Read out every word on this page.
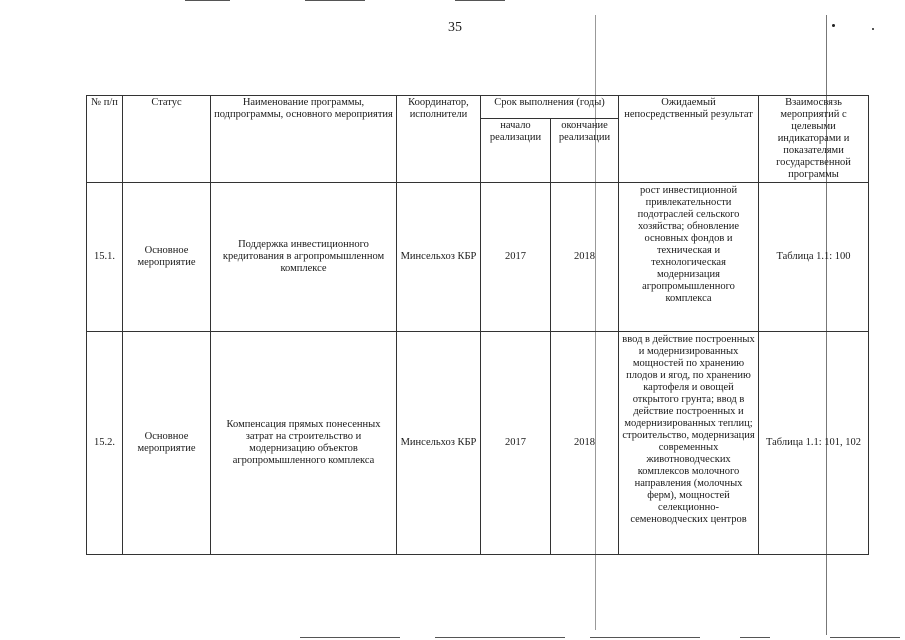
35
№ п/п	Статус	Наименование программы, подпрограммы, основного мероприятия	Координатор, исполнители	Срок выполнения (годы)		Ожидаемый непосредственный результат	Взаимосвязь мероприятий с целевыми индикаторами и показателями государственной программы
				начало реализации	окончание реализации		
15.1.	Основное мероприятие	Поддержка инвестиционного кредитования в агропромышленном комплексе	Минсельхоз КБР	2017	2018	рост инвестиционной привлекательности подотраслей сельского хозяйства; обновление основных фондов и техническая и технологическая модернизация агропромышленного комплекса	Таблица 1.1: 100
15.2.	Основное мероприятие	Компенсация прямых понесенных затрат на строительство и модернизацию объектов агропромышленного комплекса	Минсельхоз КБР	2017	2018	ввод в действие построенных и модернизированных мощностей по хранению плодов и ягод, по хранению картофеля и овощей открытого грунта; ввод в действие построенных и модернизированных теплиц; строительство, модернизация современных животноводческих комплексов молочного направления (молочных ферм), мощностей селекционно-семеноводческих центров	Таблица 1.1: 101, 102
